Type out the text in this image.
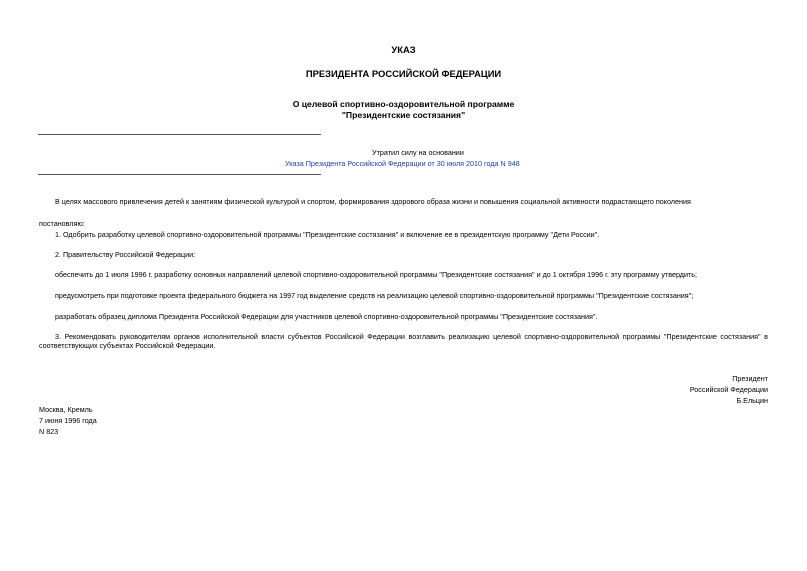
УКАЗ
ПРЕЗИДЕНТА РОССИЙСКОЙ ФЕДЕРАЦИИ
О целевой спортивно-оздоровительной программе
"Президентские состязания"
Утратил силу на основании
Указа Президента Российской Федерации от 30 июля 2010 года N 948
В целях массового привлечения детей к занятиям физической культурой и спортом, формирования здорового образа жизни и повышения социальной активности подрастающего поколения
постановляю:
1. Одобрить разработку целевой спортивно-оздоровительной программы "Президентские состязания" и включение ее в президентскую программу "Дети России".
2. Правительству Российской Федерации:
обеспечить до 1 июля 1996 г. разработку основных направлений целевой спортивно-оздоровительной программы "Президентские состязания" и до 1 октября 1996 г. эту программу утвердить;
предусмотреть при подготовке проекта федерального бюджета на 1997 год выделение средств на реализацию целевой спортивно-оздоровительной программы "Президентские состязания";
разработать образец диплома Президента Российской Федерации для участников целевой спортивно-оздоровительной программы "Президентские состязания".
3. Рекомендовать руководителям органов исполнительной власти субъектов Российской Федерации возглавить реализацию целевой спортивно-оздоровительной программы "Президентские состязания" в соответствующих субъектах Российской Федерации.
Президент
Российской Федерации
Б.Ельцин
Москва, Кремль
7 июня 1996 года
N 823
